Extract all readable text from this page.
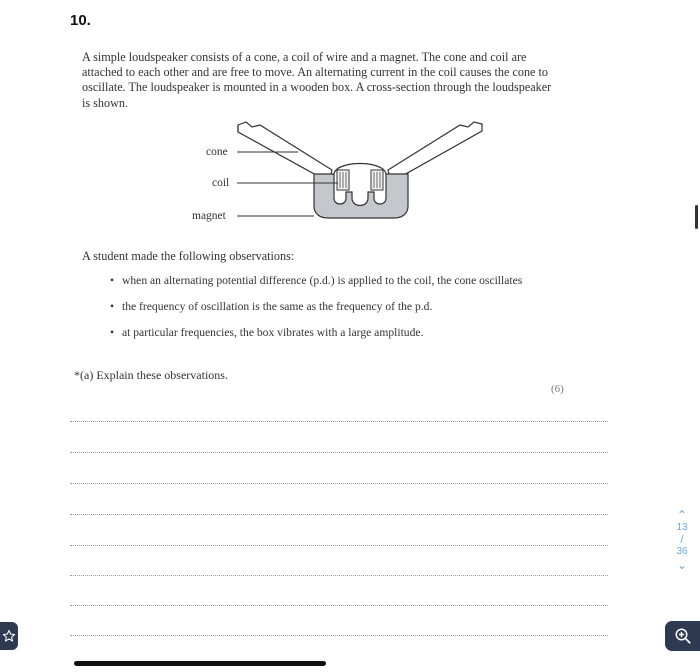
10.

A simple loudspeaker consists of a cone, a coil of wire and a magnet. The cone and coil are attached to each other and are free to move. An alternating current in the coil causes the cone to oscillate. The loudspeaker is mounted in a wooden box. A cross-section through the loudspeaker is shown.

cone
coil
magnet
A student made the following observations:
• when an alternating potential difference (p.d.) is applied to the coil, the cone oscillates
• the frequency of oscillation is the same as the frequency of the p.d.
• at particular frequencies, the box vibrates with a large amplitude.
*(a) Explain these observations.
(6)
⌃
13
/
36
⌄
